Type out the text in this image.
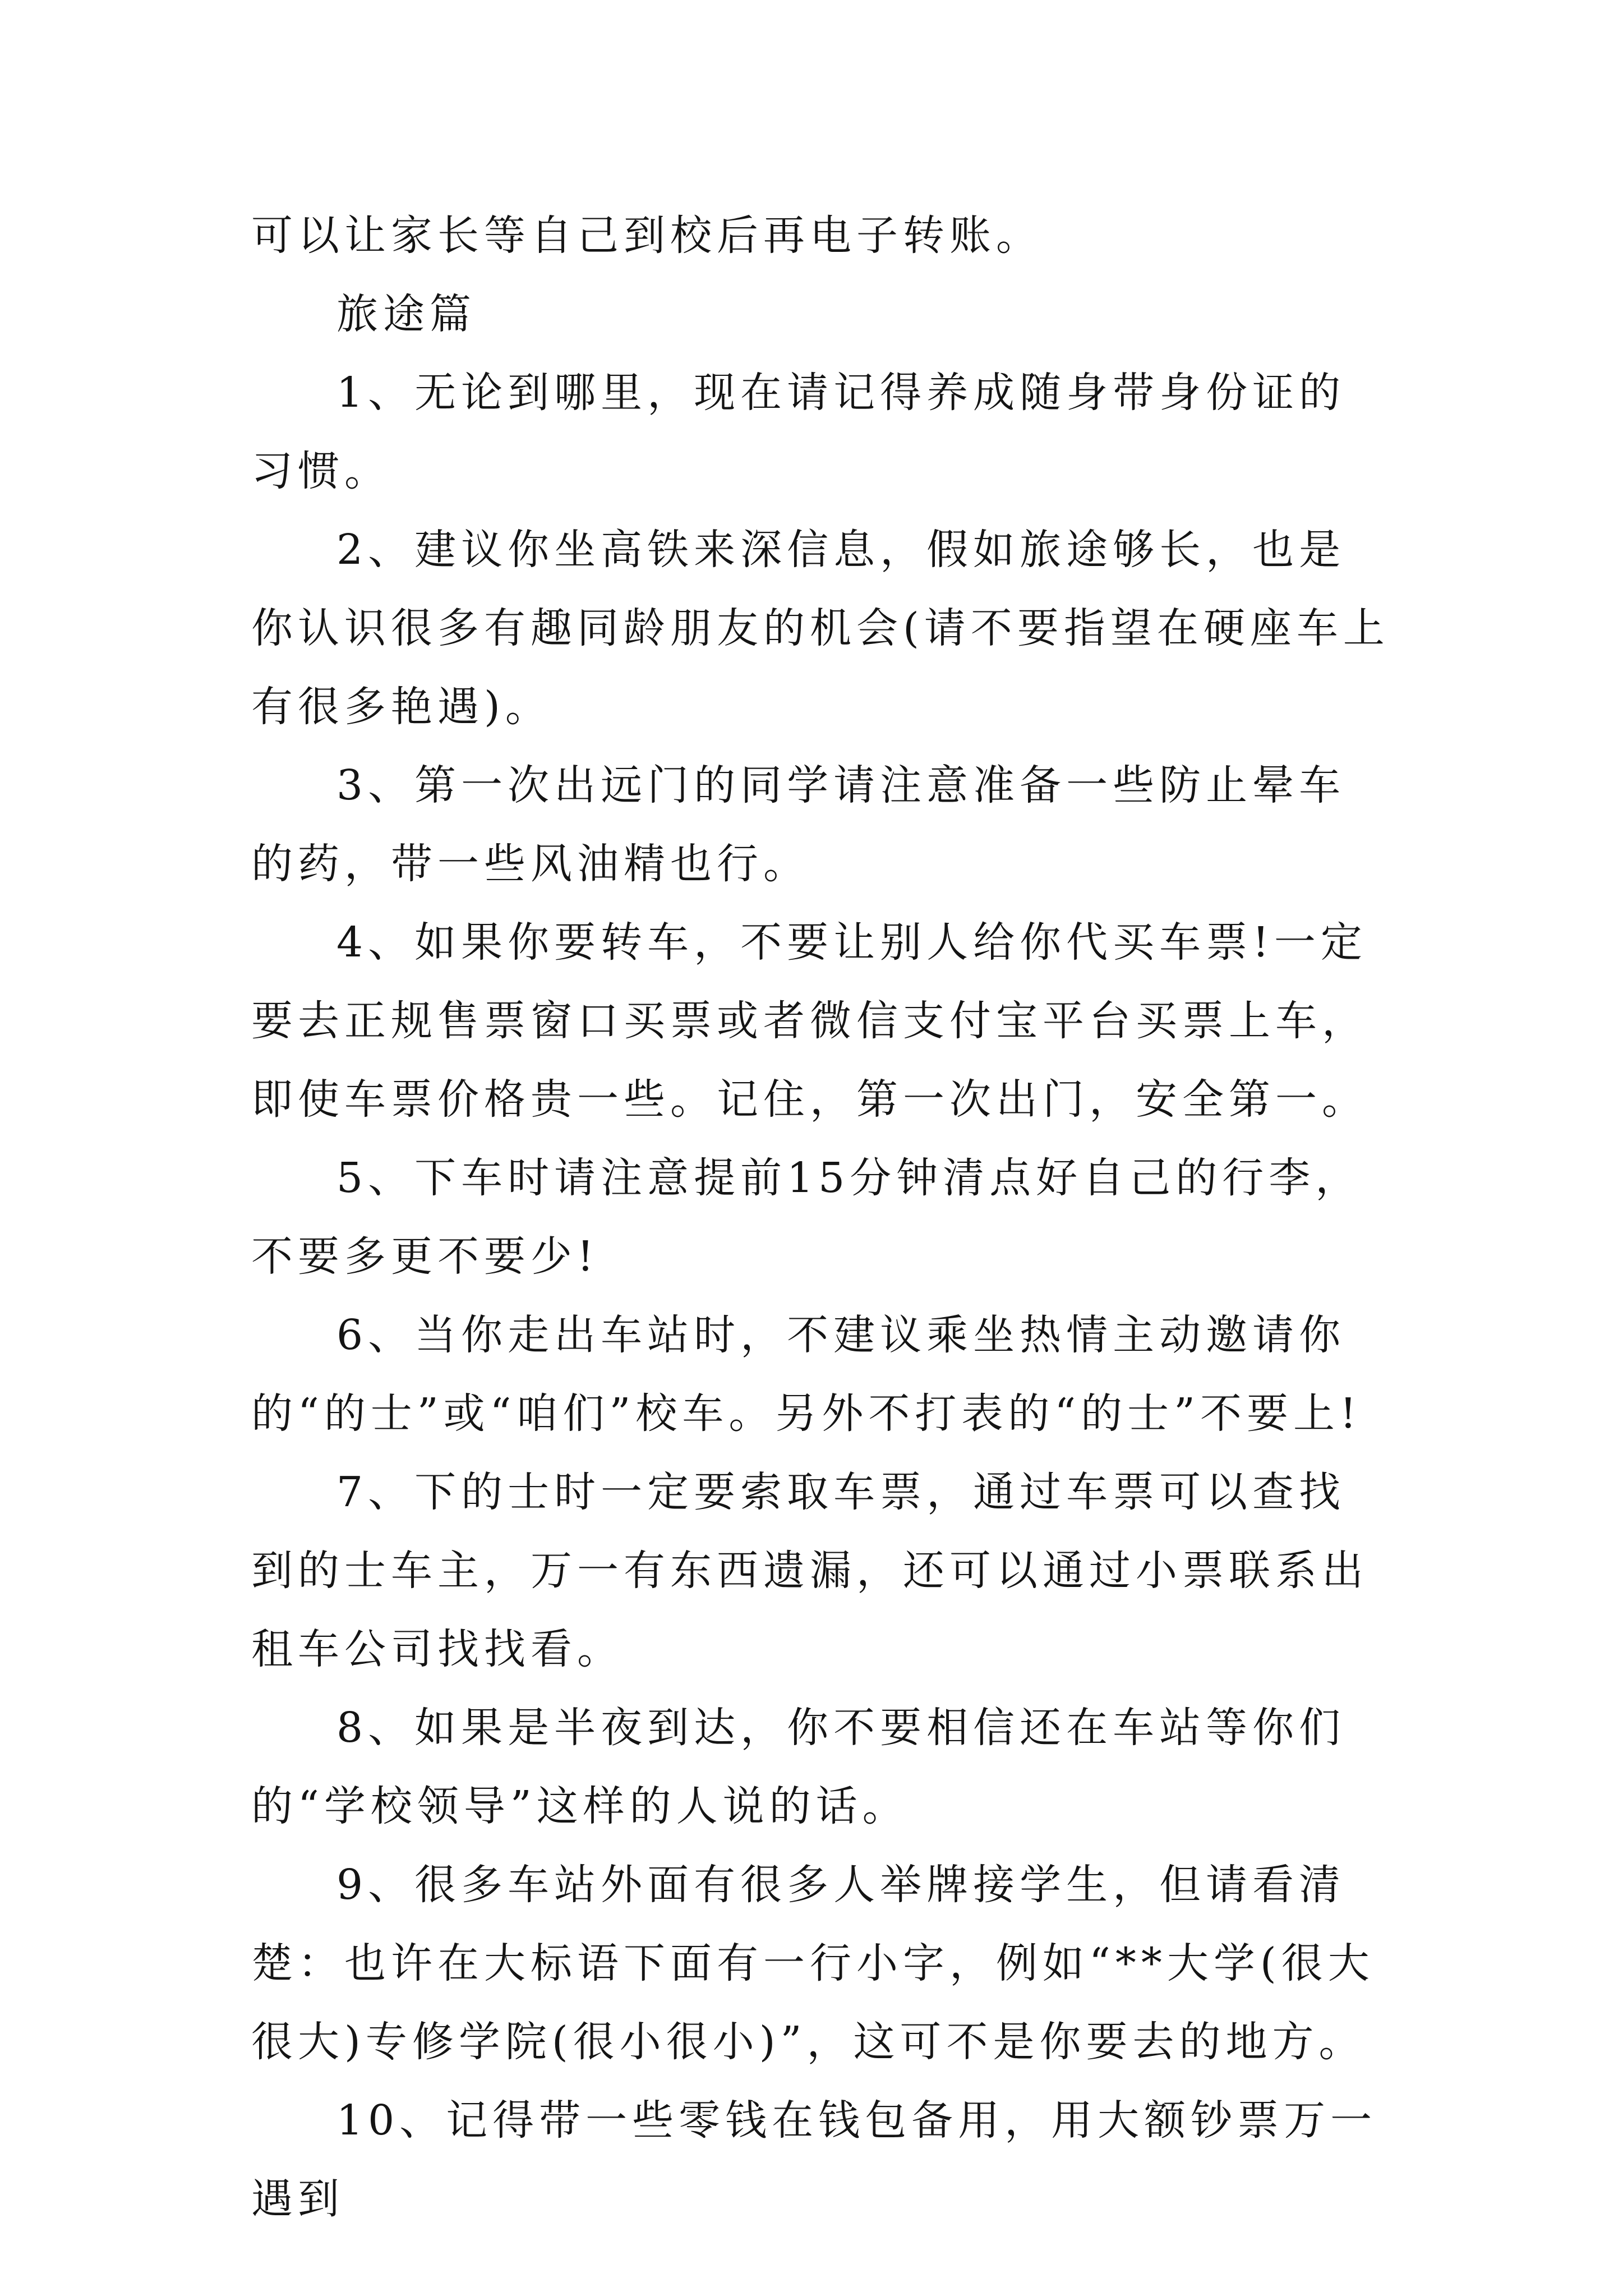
可以让家长等自己到校后再电子转账。

旅途篇

1、无论到哪里，现在请记得养成随身带身份证的习惯。

2、建议你坐高铁来深信息，假如旅途够长，也是你认识很多有趣同龄朋友的机会(请不要指望在硬座车上有很多艳遇)。

3、第一次出远门的同学请注意准备一些防止晕车的药，带一些风油精也行。

4、如果你要转车，不要让别人给你代买车票!一定要去正规售票窗口买票或者微信支付宝平台买票上车，即使车票价格贵一些。记住，第一次出门，安全第一。

5、下车时请注意提前15分钟清点好自己的行李，不要多更不要少!

6、当你走出车站时，不建议乘坐热情主动邀请你的“的士”或“咱们”校车。另外不打表的“的士”不要上!

7、下的士时一定要索取车票，通过车票可以查找到的士车主，万一有东西遗漏，还可以通过小票联系出租车公司找找看。

8、如果是半夜到达，你不要相信还在车站等你们的“学校领导”这样的人说的话。

9、很多车站外面有很多人举牌接学生，但请看清楚：也许在大标语下面有一行小字，例如“**大学(很大很大)专修学院(很小很小)”，这可不是你要去的地方。

10、记得带一些零钱在钱包备用，用大额钞票万一遇到
